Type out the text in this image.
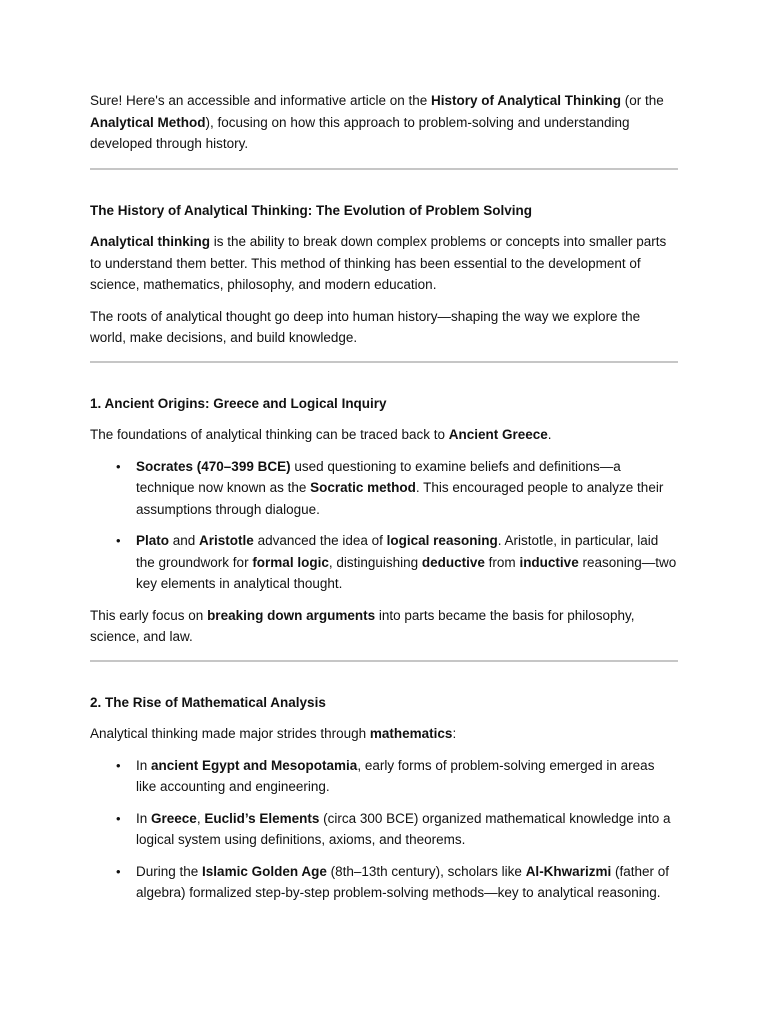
Sure! Here's an accessible and informative article on the History of Analytical Thinking (or the Analytical Method), focusing on how this approach to problem-solving and understanding developed through history.

The History of Analytical Thinking: The Evolution of Problem Solving

Analytical thinking is the ability to break down complex problems or concepts into smaller parts to understand them better. This method of thinking has been essential to the development of science, mathematics, philosophy, and modern education.

The roots of analytical thought go deep into human history—shaping the way we explore the world, make decisions, and build knowledge.

1. Ancient Origins: Greece and Logical Inquiry

The foundations of analytical thinking can be traced back to Ancient Greece.

• Socrates (470–399 BCE) used questioning to examine beliefs and definitions—a technique now known as the Socratic method. This encouraged people to analyze their assumptions through dialogue.
• Plato and Aristotle advanced the idea of logical reasoning. Aristotle, in particular, laid the groundwork for formal logic, distinguishing deductive from inductive reasoning—two key elements in analytical thought.

This early focus on breaking down arguments into parts became the basis for philosophy, science, and law.

2. The Rise of Mathematical Analysis

Analytical thinking made major strides through mathematics:

• In ancient Egypt and Mesopotamia, early forms of problem-solving emerged in areas like accounting and engineering.
• In Greece, Euclid’s Elements (circa 300 BCE) organized mathematical knowledge into a logical system using definitions, axioms, and theorems.
• During the Islamic Golden Age (8th–13th century), scholars like Al-Khwarizmi (father of algebra) formalized step-by-step problem-solving methods—key to analytical reasoning.
